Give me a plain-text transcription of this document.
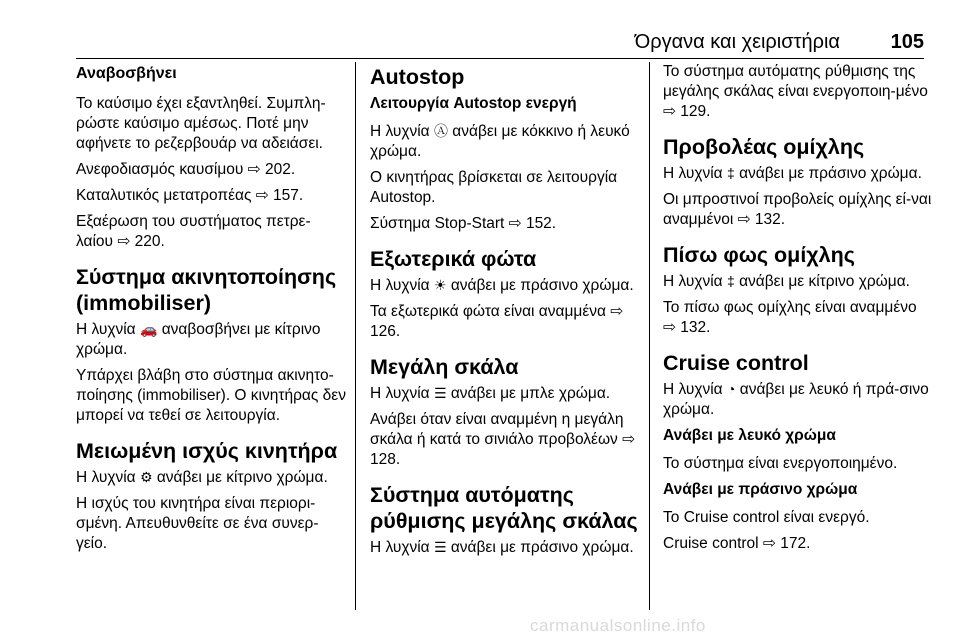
Όργανα και χειριστήρια	105
Αναβοσβήνει

Το καύσιμο έχει εξαντληθεί. Συμπλη-ρώστε καύσιμο αμέσως. Ποτέ μην αφήνετε το ρεζερβουάρ να αδειάσει.

Ανεφοδιασμός καυσίμου ⇨ 202.

Καταλυτικός μετατροπέας ⇨ 157.

Εξαέρωση του συστήματος πετρε-λαίου ⇨ 220.

Σύστημα ακινητοποίησης (immobiliser)

Η λυχνία 🚗 αναβοσβήνει με κίτρινο χρώμα.

Υπάρχει βλάβη στο σύστημα ακινητο-ποίησης (immobiliser). Ο κινητήρας δεν μπορεί να τεθεί σε λειτουργία.

Μειωμένη ισχύς κινητήρα

Η λυχνία ⚙ ανάβει με κίτρινο χρώμα.

Η ισχύς του κινητήρα είναι περιορι-σμένη. Απευθυνθείτε σε ένα συνερ-γείο.

Autostop
Λειτουργία Autostop ενεργή

Η λυχνία Ⓐ ανάβει με κόκκινο ή λευκό χρώμα.

Ο κινητήρας βρίσκεται σε λειτουργία Autostop.

Σύστημα Stop-Start ⇨ 152.

Εξωτερικά φώτα

Η λυχνία ☀ ανάβει με πράσινο χρώμα.

Τα εξωτερικά φώτα είναι αναμμένα ⇨ 126.

Μεγάλη σκάλα

Η λυχνία ☰ ανάβει με μπλε χρώμα.

Ανάβει όταν είναι αναμμένη η μεγάλη σκάλα ή κατά το σινιάλο προβολέων ⇨ 128.

Σύστημα αυτόματης ρύθμισης μεγάλης σκάλας

Η λυχνία ☰ ανάβει με πράσινο χρώμα.

Το σύστημα αυτόματης ρύθμισης της μεγάλης σκάλας είναι ενεργοποιη-μένο ⇨ 129.

Προβολέας ομίχλης

Η λυχνία ‡ ανάβει με πράσινο χρώμα.

Οι μπροστινοί προβολείς ομίχλης εί-ναι αναμμένοι ⇨ 132.

Πίσω φως ομίχλης

Η λυχνία ‡ ανάβει με κίτρινο χρώμα.

Το πίσω φως ομίχλης είναι αναμμένο ⇨ 132.

Cruise control

Η λυχνία ◔ ανάβει με λευκό ή πρά-σινο χρώμα.

Ανάβει με λευκό χρώμα

Το σύστημα είναι ενεργοποιημένο.

Ανάβει με πράσινο χρώμα

Το Cruise control είναι ενεργό.

Cruise control ⇨ 172.

carmanualsonline.info
